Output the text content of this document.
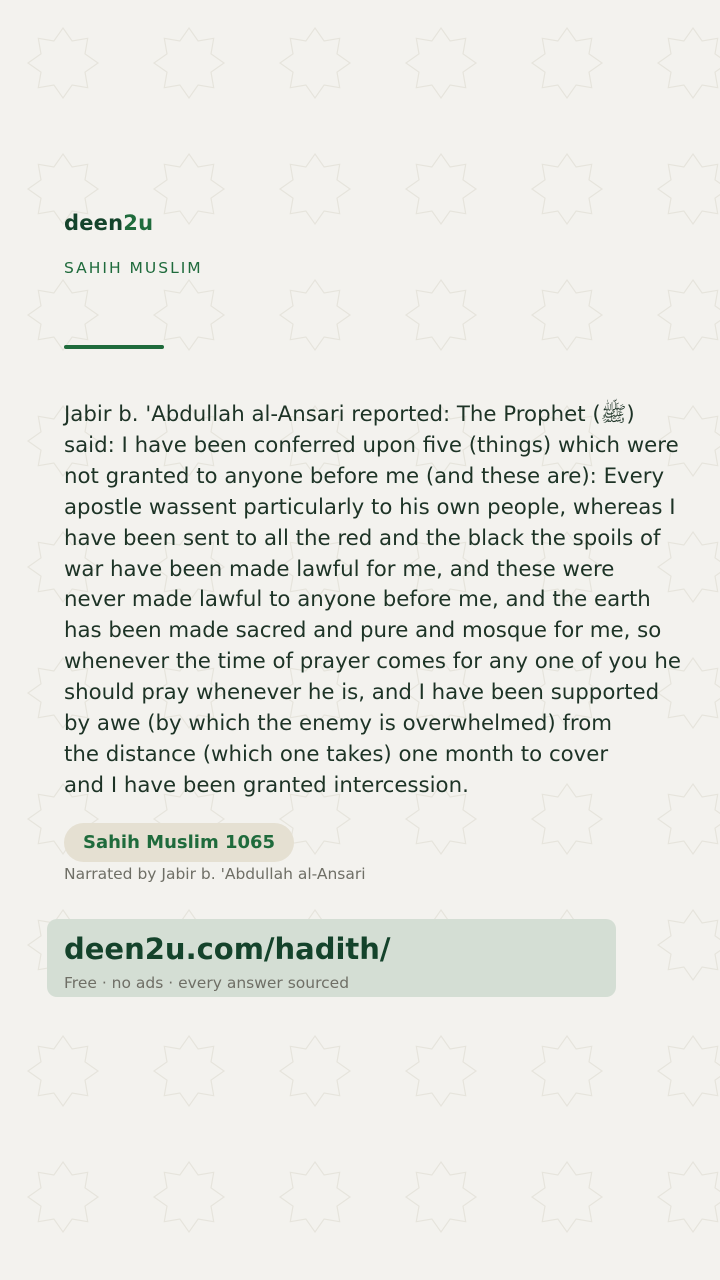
deen2u
SAHIH MUSLIM

Jabir b. 'Abdullah al-Ansari reported: The Prophet (ﷺ)
said: I have been conferred upon five (things) which were
not granted to anyone before me (and these are): Every
apostle wassent particularly to his own people, whereas I
have been sent to all the red and the black the spoils of
war have been made lawful for me, and these were
never made lawful to anyone before me, and the earth
has been made sacred and pure and mosque for me, so
whenever the time of prayer comes for any one of you he
should pray whenever he is, and I have been supported
by awe (by which the enemy is overwhelmed) from
the distance (which one takes) one month to cover
and I have been granted intercession.

Sahih Muslim 1065
Narrated by Jabir b. 'Abdullah al-Ansari
deen2u.com/hadith/
Free · no ads · every answer sourced
